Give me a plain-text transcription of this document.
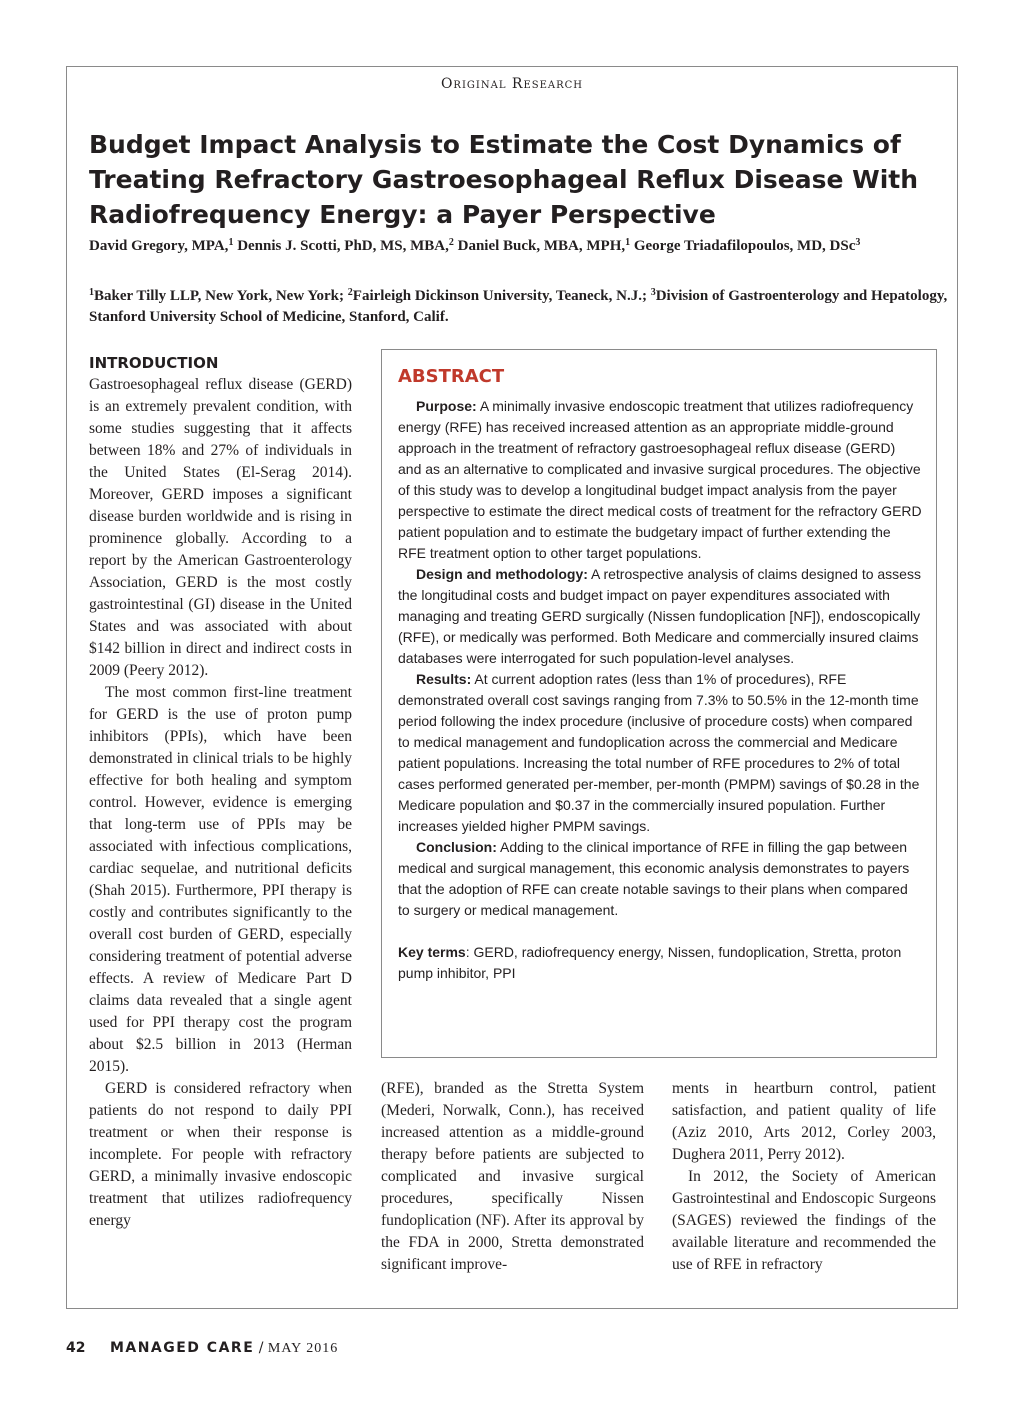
Original Research
Budget Impact Analysis to Estimate the Cost Dynamics of Treating Refractory Gastroesophageal Reflux Disease With Radiofrequency Energy: a Payer Perspective

David Gregory, MPA,$^1$ Dennis J. Scotti, PhD, MS, MBA,$^2$ Daniel Buck, MBA, MPH,$^1$ George Triadafilopoulos, MD, DSc$^3$

$^1$Baker Tilly LLP, New York, New York; $^2$Fairleigh Dickinson University, Teaneck, N.J.; $^3$Division of Gastroenterology and Hepatology, Stanford University School of Medicine, Stanford, Calif.

INTRODUCTION

Gastroesophageal reflux disease (GERD) is an extremely prevalent condition, with some studies suggesting that it affects between 18% and 27% of individuals in the United States (El-Serag 2014). Moreover, GERD imposes a significant disease burden worldwide and is rising in prominence globally. According to a report by the American Gastroenterology Association, GERD is the most costly gastrointestinal (GI) disease in the United States and was associated with about $142 billion in direct and indirect costs in 2009 (Peery 2012).

The most common first-line treatment for GERD is the use of proton pump inhibitors (PPIs), which have been demonstrated in clinical trials to be highly effective for both healing and symptom control. However, evidence is emerging that long-term use of PPIs may be associated with infectious complications, cardiac sequelae, and nutritional deficits (Shah 2015). Furthermore, PPI therapy is costly and contributes significantly to the overall cost burden of GERD, especially considering treatment of potential adverse effects. A review of Medicare Part D claims data revealed that a single agent used for PPI therapy cost the program about $2.5 billion in 2013 (Herman 2015).

GERD is considered refractory when patients do not respond to daily PPI treatment or when their response is incomplete. For people with refractory GERD, a minimally invasive endoscopic treatment that utilizes radiofrequency energy

ABSTRACT

Purpose: A minimally invasive endoscopic treatment that utilizes radiofrequency energy (RFE) has received increased attention as an appropriate middle-ground approach in the treatment of refractory gastroesophageal reflux disease (GERD) and as an alternative to complicated and invasive surgical procedures. The objective of this study was to develop a longitudinal budget impact analysis from the payer perspective to estimate the direct medical costs of treatment for the refractory GERD patient population and to estimate the budgetary impact of further extending the RFE treatment option to other target populations.

Design and methodology: A retrospective analysis of claims designed to assess the longitudinal costs and budget impact on payer expenditures associated with managing and treating GERD surgically (Nissen fundoplication [NF]), endoscopically (RFE), or medically was performed. Both Medicare and commercially insured claims databases were interrogated for such population-level analyses.

Results: At current adoption rates (less than 1% of procedures), RFE demonstrated overall cost savings ranging from 7.3% to 50.5% in the 12-month time period following the index procedure (inclusive of procedure costs) when compared to medical management and fundoplication across the commercial and Medicare patient populations. Increasing the total number of RFE procedures to 2% of total cases performed generated per-member, per-month (PMPM) savings of $0.28 in the Medicare population and $0.37 in the commercially insured population. Further increases yielded higher PMPM savings.

Conclusion: Adding to the clinical importance of RFE in filling the gap between medical and surgical management, this economic analysis demonstrates to payers that the adoption of RFE can create notable savings to their plans when compared to surgery or medical management.

Key terms: GERD, radiofrequency energy, Nissen, fundoplication, Stretta, proton pump inhibitor, PPI

(RFE), branded as the Stretta System (Mederi, Norwalk, Conn.), has received increased attention as a middle-ground therapy before patients are subjected to complicated and invasive surgical procedures, specifically Nissen fundoplication (NF). After its approval by the FDA in 2000, Stretta demonstrated significant improve-

ments in heartburn control, patient satisfaction, and patient quality of life (Aziz 2010, Arts 2012, Corley 2003, Dughera 2011, Perry 2012).

In 2012, the Society of American Gastrointestinal and Endoscopic Surgeons (SAGES) reviewed the findings of the available literature and recommended the use of RFE in refractory

42 MANAGED CARE / MAY 2016
